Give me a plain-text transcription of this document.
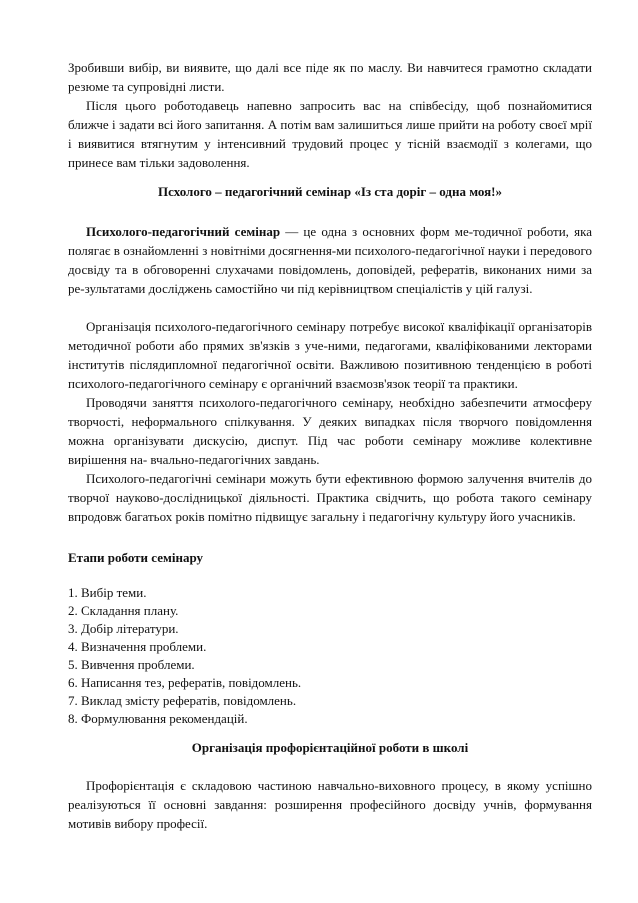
Зробивши вибір, ви виявите, що далі все піде як по маслу. Ви навчитеся грамотно складати резюме та супровідні листи.

Після цього роботодавець напевно запросить вас на співбесіду, щоб познайомитися ближче і задати всі його запитання. А потім вам залишиться лише прийти на роботу своєї мрії і виявитися втягнутим у інтенсивний трудовий процес у тісній взаємодії з колегами, що принесе вам тільки задоволення.

Псхолого – педагогічний семінар «Із ста доріг – одна моя!»

Психолого-педагогічний семінар — це одна з основних форм ме-тодичної роботи, яка полягає в ознайомленні з новітніми досягнення-ми психолого-педагогічної науки і передового досвіду та в обговоренні слухачами повідомлень, доповідей, рефератів, виконаних ними за ре-зультатами досліджень самостійно чи під керівництвом спеціалістів у цій галузі.

Організація психолого-педагогічного семінару потребує високої кваліфікації організаторів методичної роботи або прямих зв'язків з уче-ними, педагогами, кваліфікованими лекторами інститутів післядипломної педагогічної освіти. Важливою позитивною тенденцією в роботі психолого-педагогічного семінару є органічний взаємозв'язок теорії та практики.

Проводячи заняття психолого-педагогічного семінару, необхідно забезпечити атмосферу творчості, неформального спілкування. У деяких випадках після творчого повідомлення можна організувати дискусію, диспут. Під час роботи семінару можливе колективне вирішення на- вчально-педагогічних завдань.

Психолого-педагогічні семінари можуть бути ефективною формою залучення вчителів до творчої науково-дослідницької діяльності. Практика свідчить, що робота такого семінару впродовж багатьох років помітно підвищує загальну і педагогічну культуру його учасників.

Етапи роботи семінару
1. Вибір теми.
2. Складання плану.
3. Добір літератури.
4. Визначення проблеми.
5. Вивчення проблеми.
6. Написання тез, рефератів, повідомлень.
7. Виклад змісту рефератів, повідомлень.
8. Формулювання рекомендацій.
Організація профорієнтаційної роботи в школі

Профорієнтація є складовою частиною навчально-виховного процесу, в якому успішно реалізуються її основні завдання: розширення професійного досвіду учнів, формування мотивів вибору професії.
